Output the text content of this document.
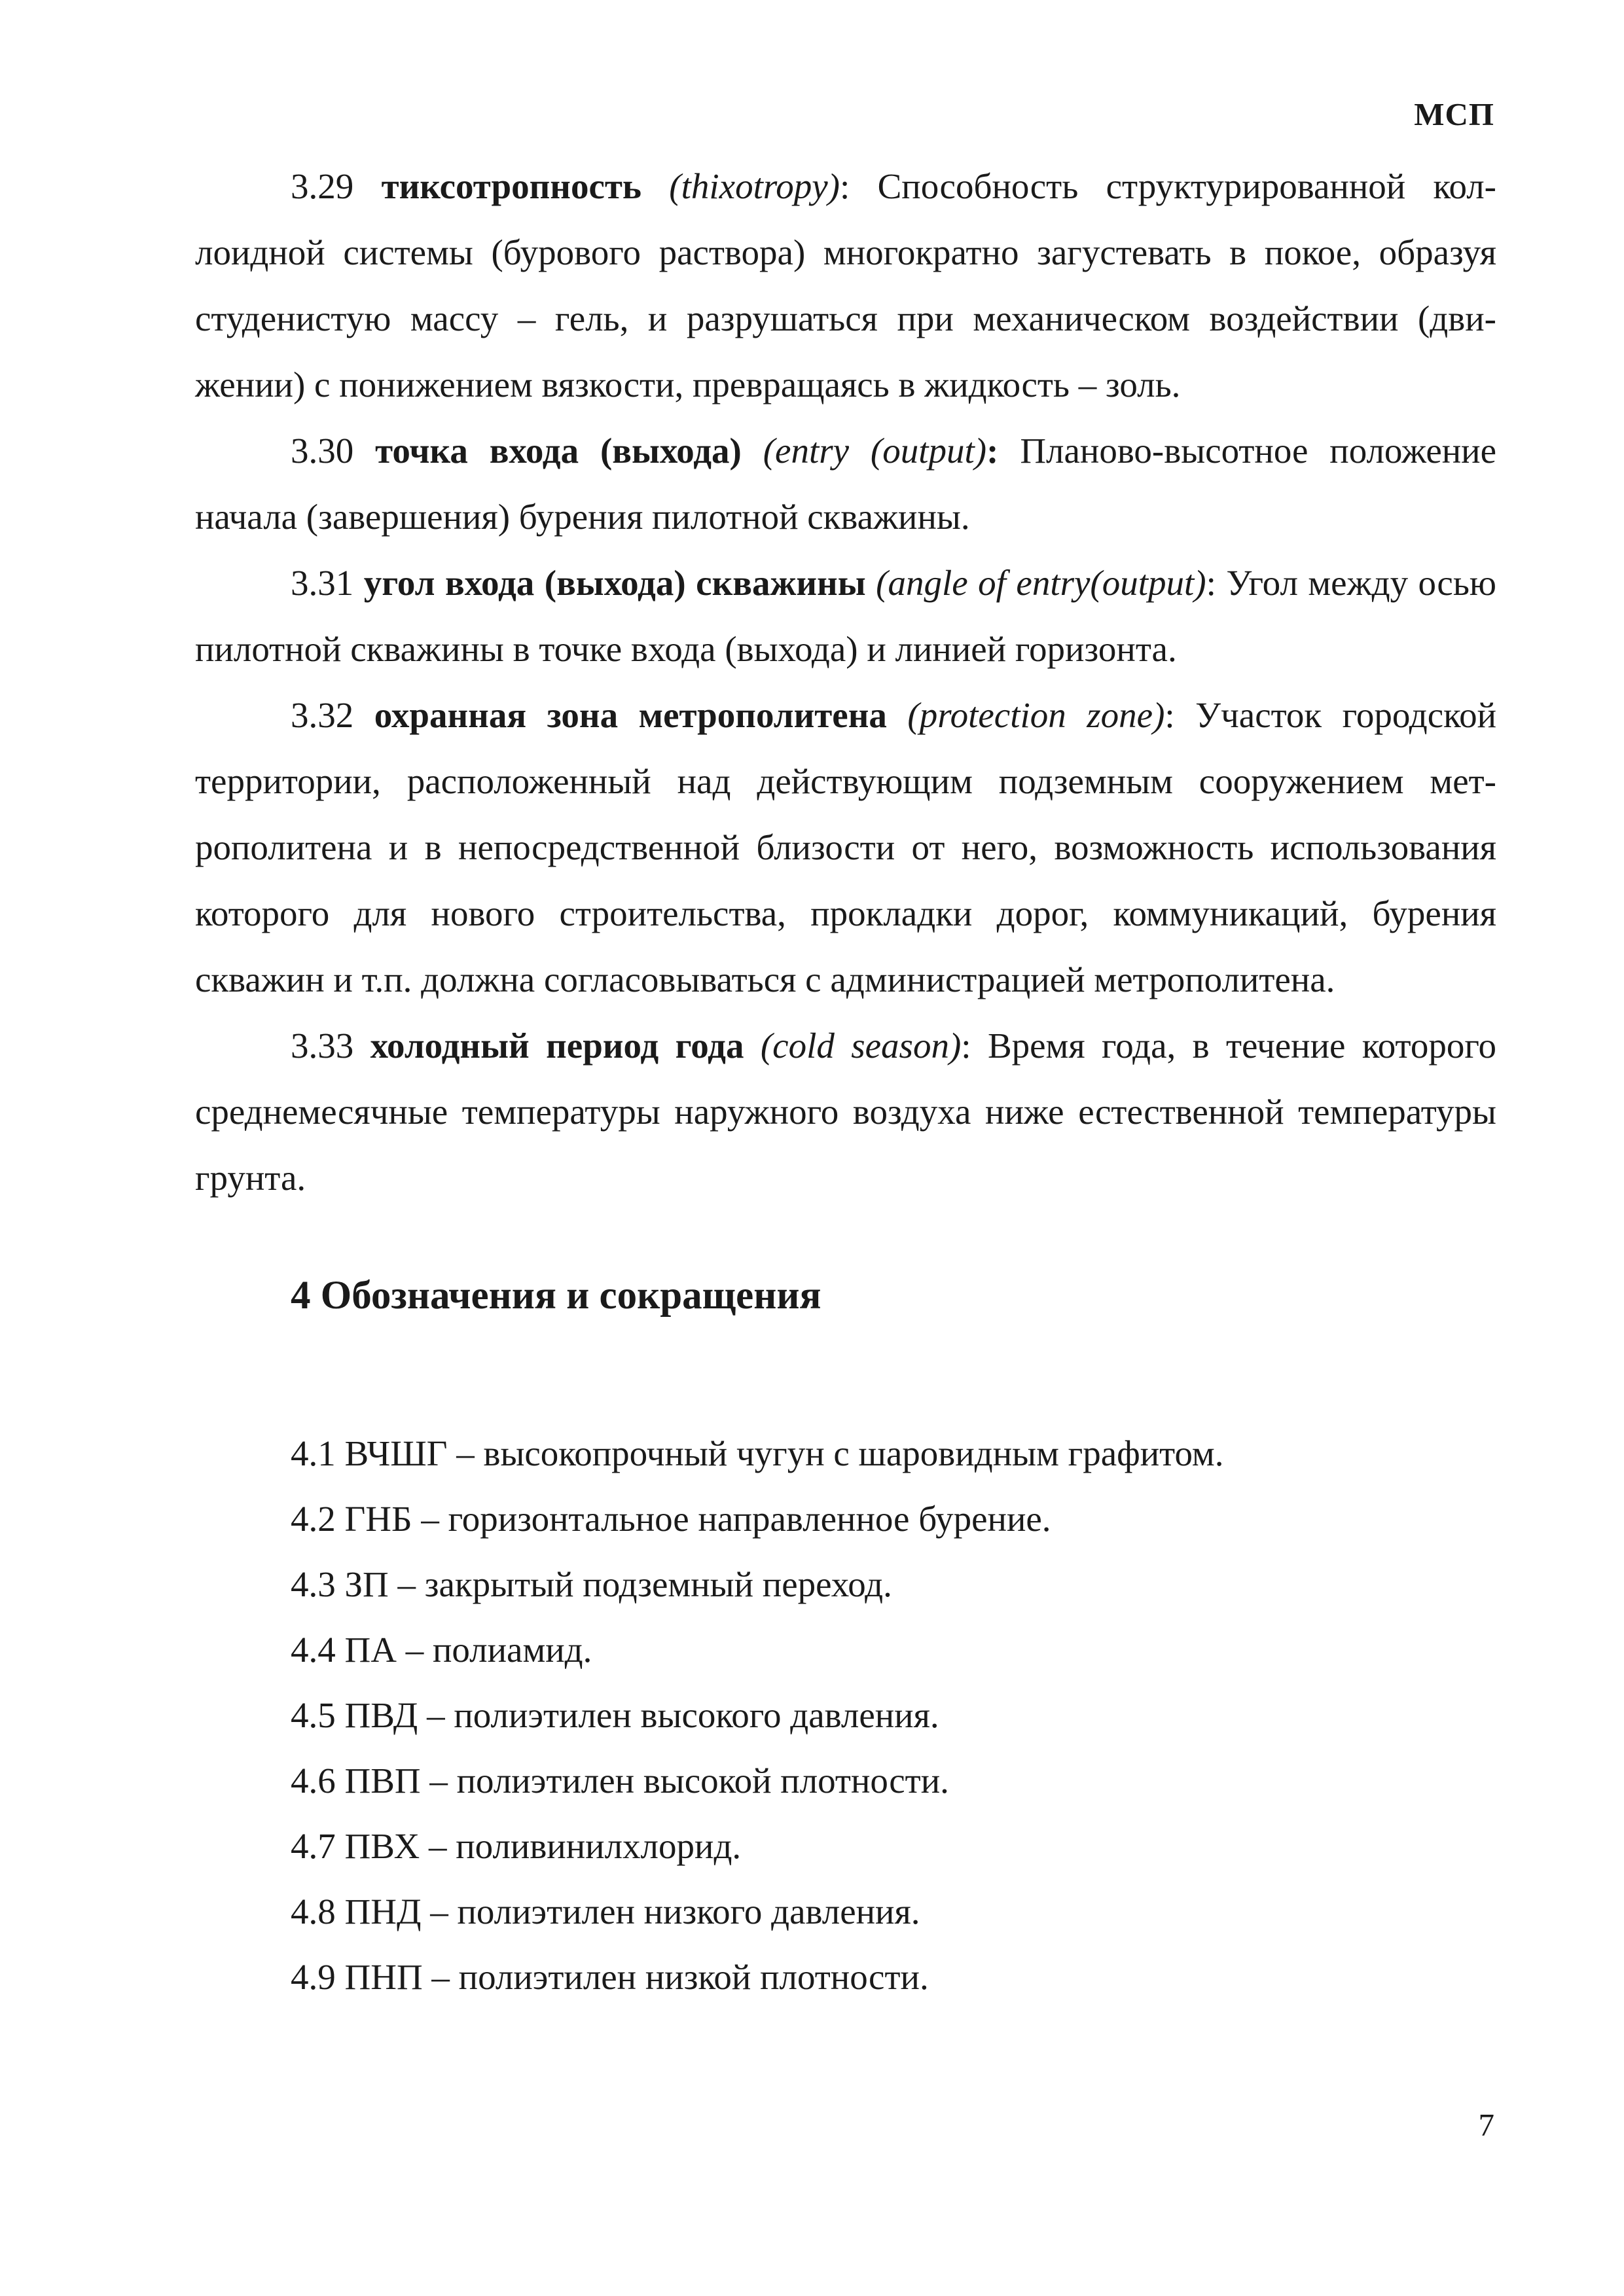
МСП

3.29 тиксотропность (thixotropy): Способность структурированной коллоидной системы (бурового раствора) многократно загустевать в покое, образуя студенистую массу – гель, и разрушаться при механическом воздействии (движении) с понижением вязкости, превращаясь в жидкость – золь.

3.30 точка входа (выхода) (entry (output): Планово-высотное положение начала (завершения) бурения пилотной скважины.

3.31 угол входа (выхода) скважины (angle of entry(output): Угол между осью пилотной скважины в точке входа (выхода) и линией горизонта.

3.32 охранная зона метрополитена (protection zone): Участок городской территории, расположенный над действующим подземным сооружением метрополитена и в непосредственной близости от него, возможность использования которого для нового строительства, прокладки дорог, коммуникаций, бурения скважин и т.п. должна согласовываться с администрацией метрополитена.

3.33 холодный период года (cold season): Время года, в течение которого среднемесячные температуры наружного воздуха ниже естественной температуры грунта.

4 Обозначения и сокращения
4.1 ВЧШГ – высокопрочный чугун с шаровидным графитом.
4.2 ГНБ – горизонтальное направленное бурение.
4.3 ЗП – закрытый подземный переход.
4.4 ПА – полиамид.
4.5 ПВД – полиэтилен высокого давления.
4.6 ПВП – полиэтилен высокой плотности.
4.7 ПВХ – поливинилхлорид.
4.8 ПНД – полиэтилен низкого давления.
4.9 ПНП – полиэтилен низкой плотности.
7
